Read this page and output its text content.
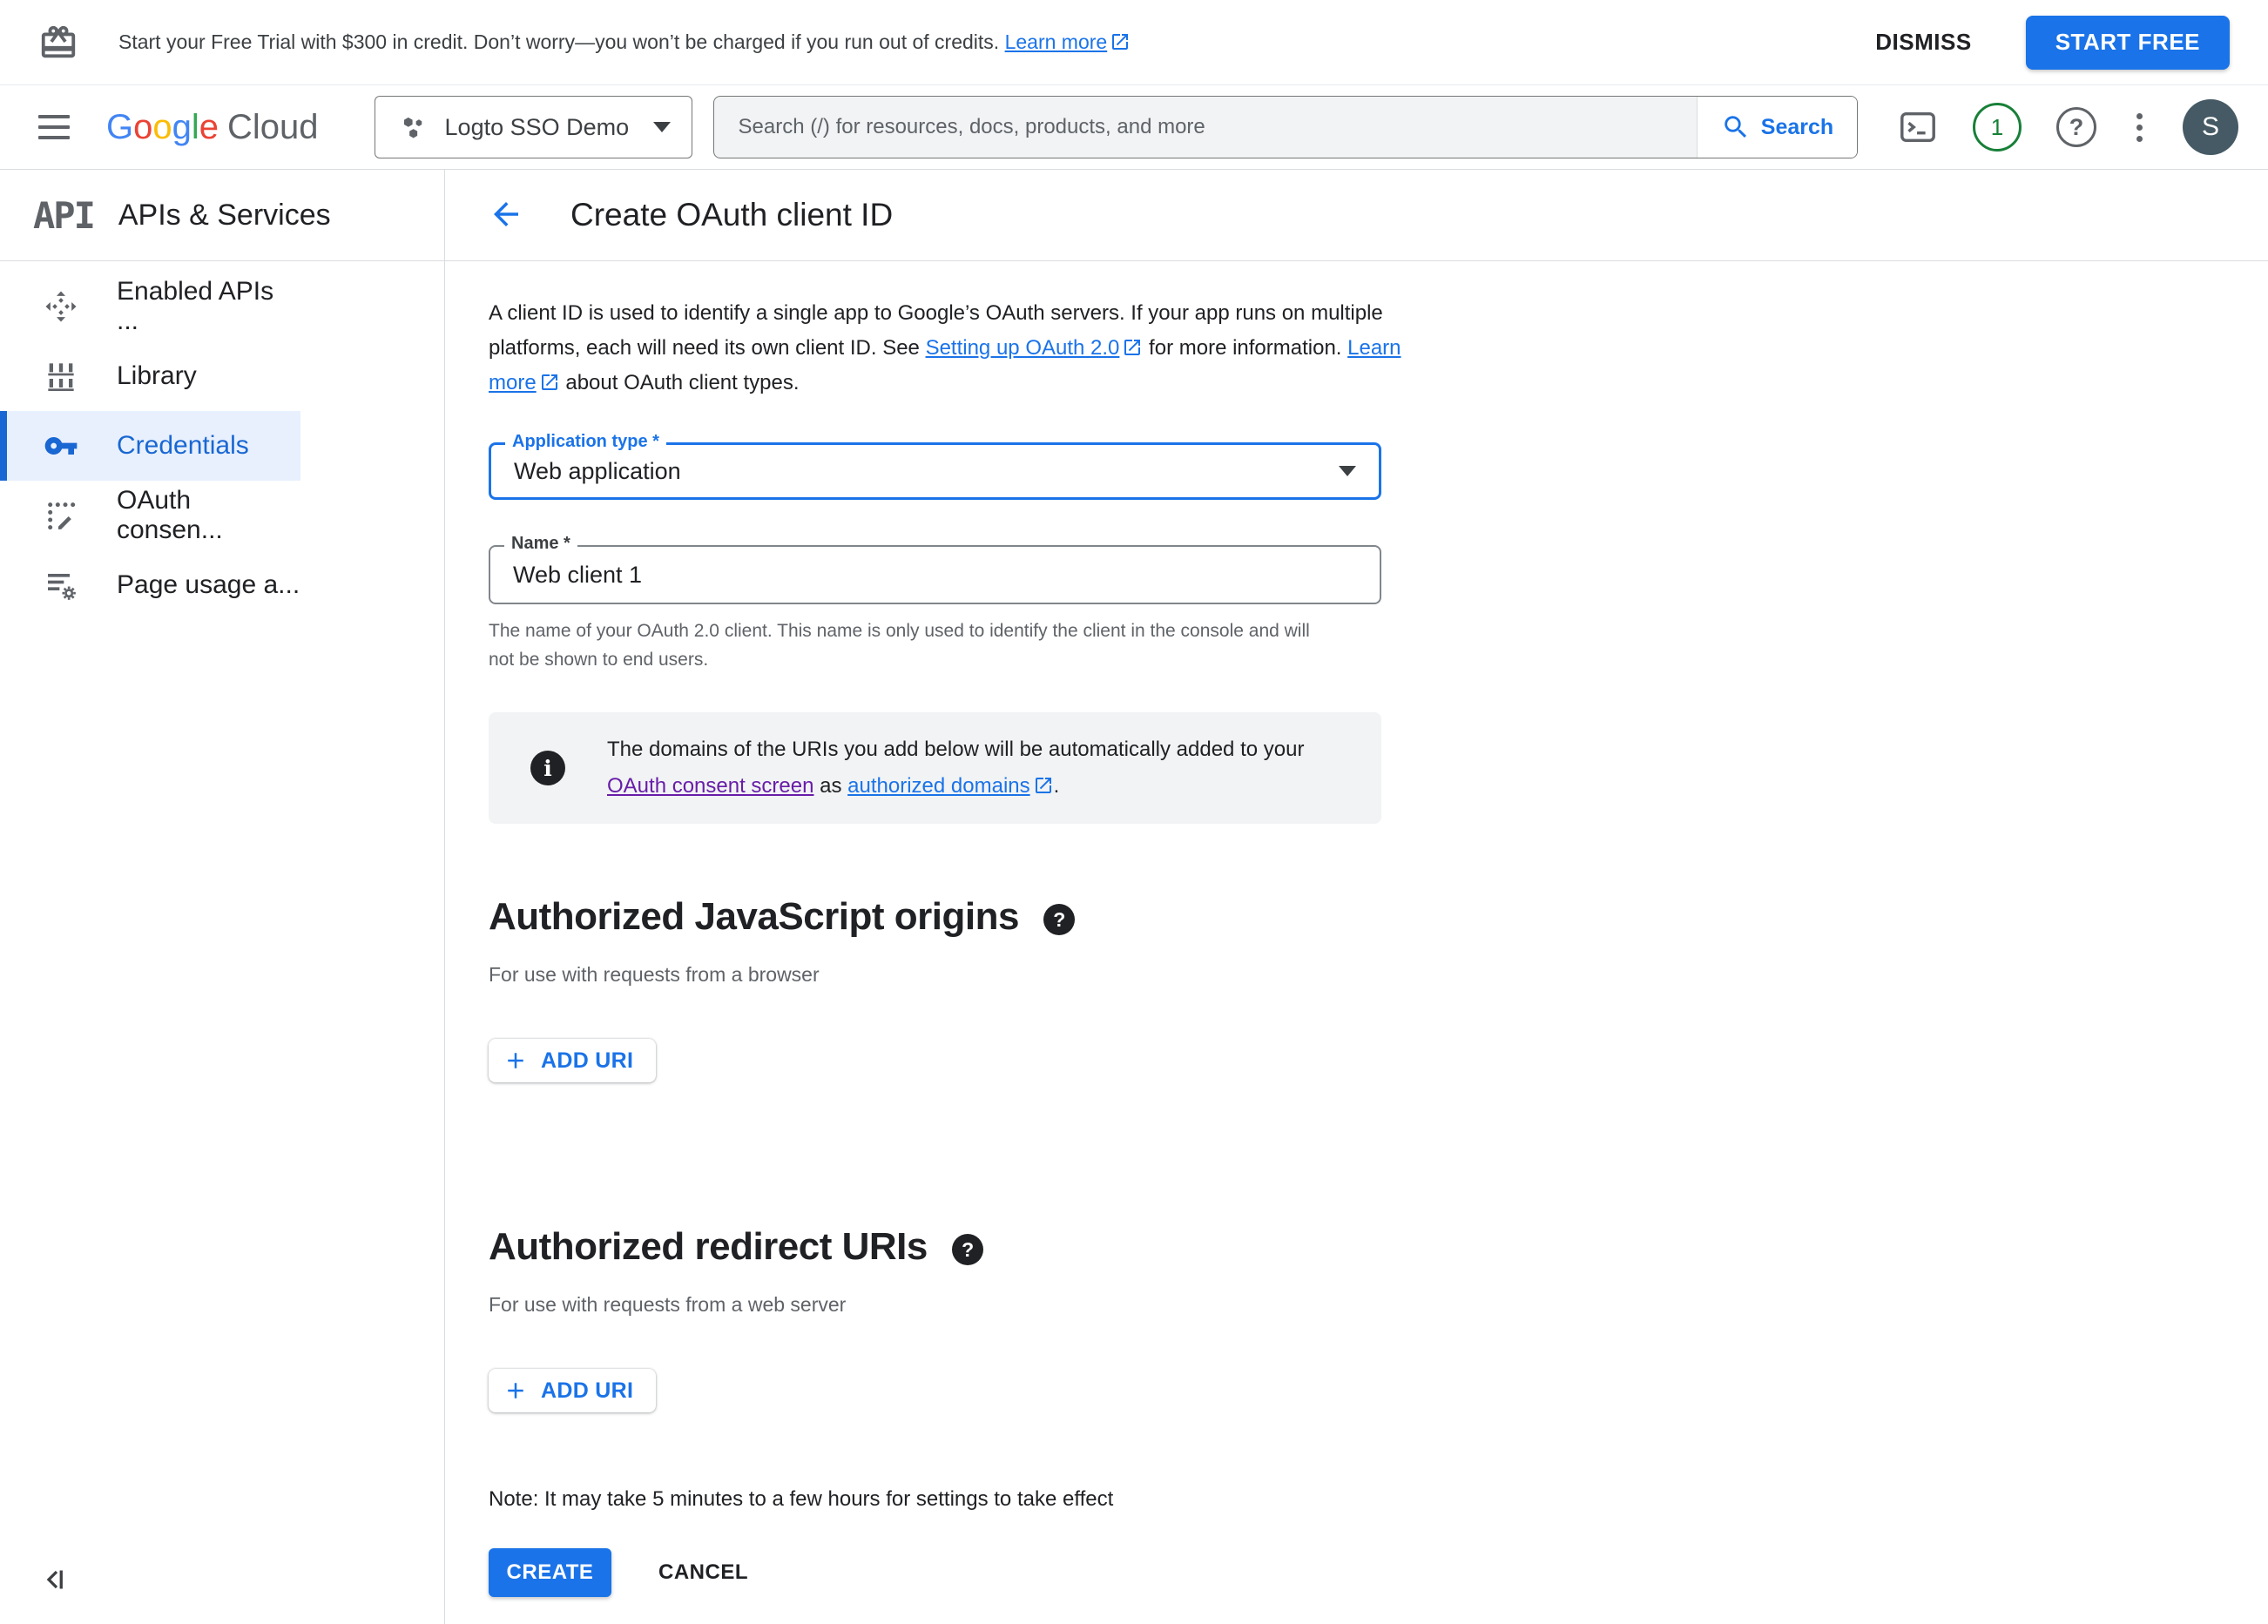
Start your Free Trial with $300 in credit. Don’t worry—you won’t be charged if you run out of credits. Learn more	DISMISS	START FREE
Google Cloud	Logto SSO Demo
Search (/) for resources, docs, products, and more	Search	1	?	S
API APIs & Services
Enabled APIs ...
Library
Credentials
OAuth consen...
Page usage a...
Create OAuth client ID

A client ID is used to identify a single app to Google’s OAuth servers. If your app runs on multiple platforms, each will need its own client ID. See Setting up OAuth 2.0 for more information. Learn more about OAuth client types.

Application type *
Web application
Name *
Web client 1

The name of your OAuth 2.0 client. This name is only used to identify the client in the console and will not be shown to end users.

i
The domains of the URIs you add below will be automatically added to your OAuth consent screen as authorized domains .
Authorized JavaScript origins	?

For use with requests from a browser

ADD URI
Authorized redirect URIs	?

For use with requests from a web server

ADD URI

Note: It may take 5 minutes to a few hours for settings to take effect

CREATE	CANCEL
